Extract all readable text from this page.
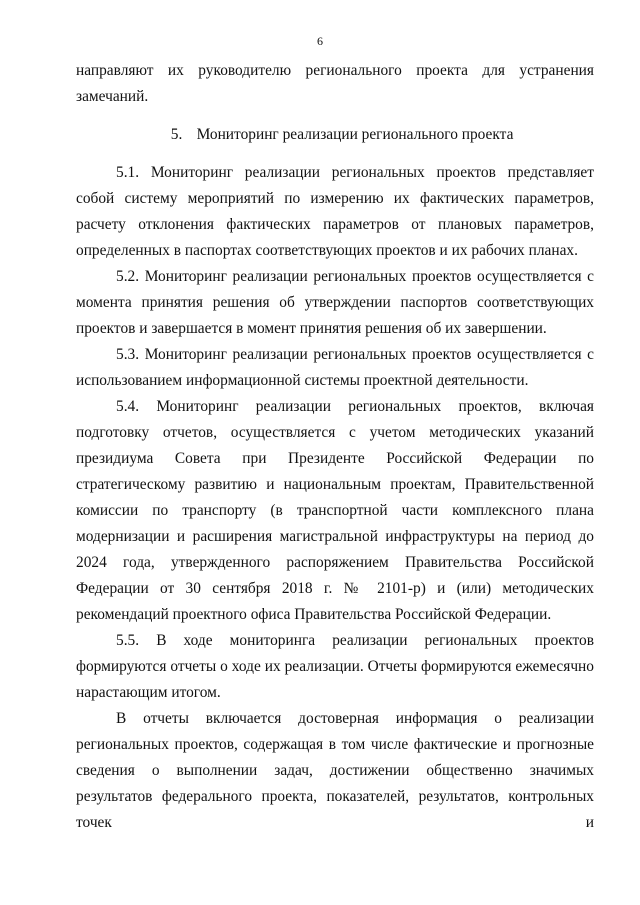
6

направляют их руководителю регионального проекта для устранения замечаний.

5. Мониторинг реализации регионального проекта

5.1. Мониторинг реализации региональных проектов представляет собой систему мероприятий по измерению их фактических параметров, расчету отклонения фактических параметров от плановых параметров, определенных в паспортах соответствующих проектов и их рабочих планах.

5.2. Мониторинг реализации региональных проектов осуществляется с момента принятия решения об утверждении паспортов соответствующих проектов и завершается в момент принятия решения об их завершении.

5.3. Мониторинг реализации региональных проектов осуществляется с использованием информационной системы проектной деятельности.

5.4. Мониторинг реализации региональных проектов, включая подготовку отчетов, осуществляется с учетом методических указаний президиума Совета при Президенте Российской Федерации по стратегическому развитию и национальным проектам, Правительственной комиссии по транспорту (в транспортной части комплексного плана модернизации и расширения магистральной инфраструктуры на период до 2024 года, утвержденного распоряжением Правительства Российской Федерации от 30 сентября 2018 г. № 2101-р) и (или) методических рекомендаций проектного офиса Правительства Российской Федерации.

5.5. В ходе мониторинга реализации региональных проектов формируются отчеты о ходе их реализации. Отчеты формируются ежемесячно нарастающим итогом.

В отчеты включается достоверная информация о реализации региональных проектов, содержащая в том числе фактические и прогнозные сведения о выполнении задач, достижении общественно значимых результатов федерального проекта, показателей, результатов, контрольных точек и
